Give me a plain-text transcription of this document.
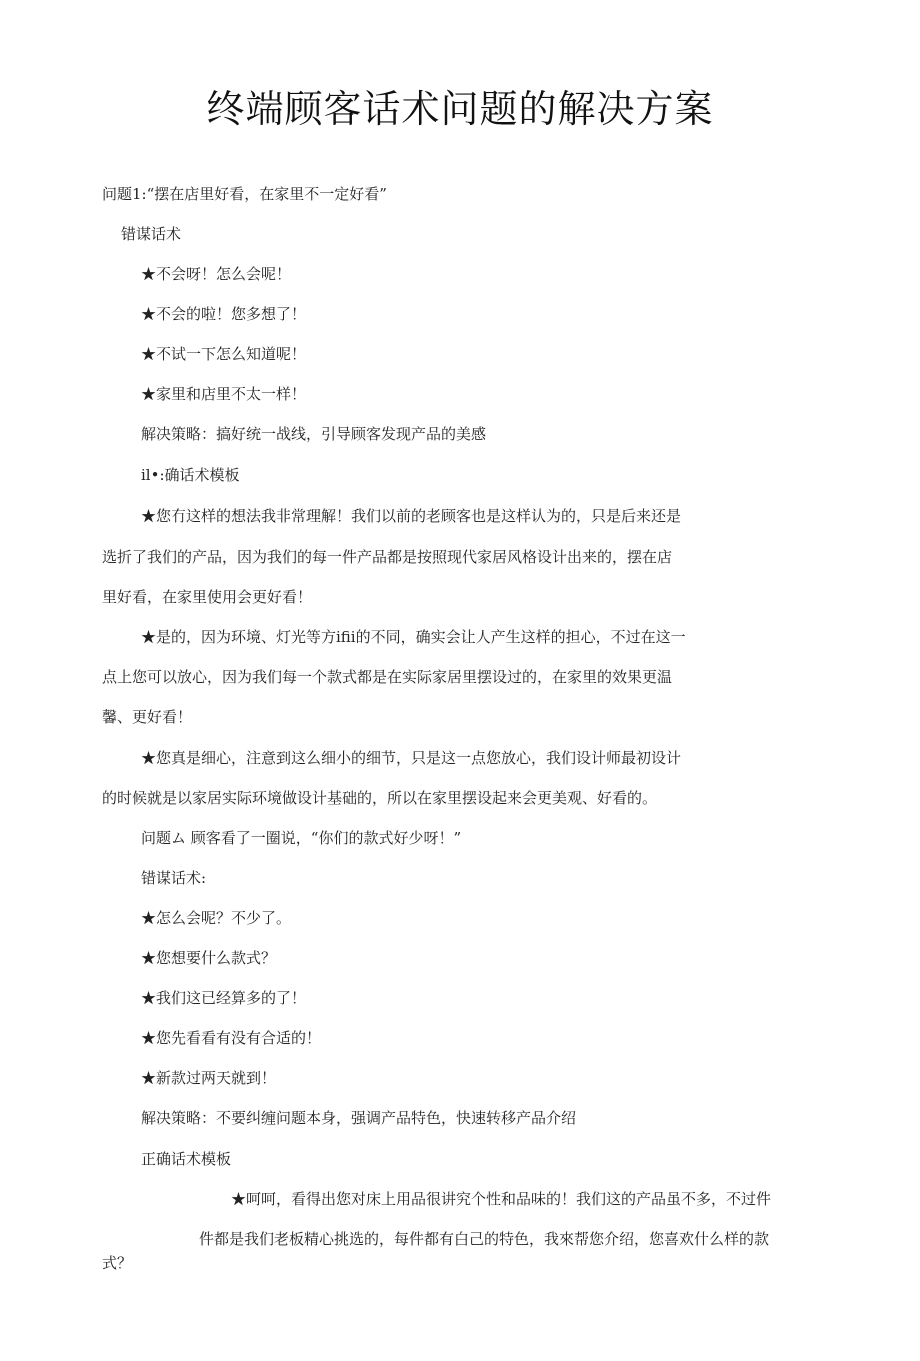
终端顾客话术问题的解决方案
问题1:“摆在店里好看，在家里不一定好看”
错谋话术
★不会呀！怎么会呢！
★不会的啦！您多想了！
★不试一下怎么知道呢！
★家里和店里不太一样！
解决策略：搞好统一战线，引导顾客发现产品的美感
il•:确话术模板
★您冇这样的想法我非常理解！我们以前的老顾客也是这样认为的，只是后来还是
选折了我们的产品，因为我们的每一件产品都是按照现代家居风格设计出来的，摆在店
里好看，在家里使用会更好看！
★是的，因为环境、灯光等方ifii的不同，确实会让人产生这样的担心，不过在这一
点上您可以放心，因为我们每一个款式都是在实际家居里摆设过的，在家里的效果更温
馨、更好看！
★您真是细心，注意到这么细小的细节，只是这一点您放心，我们设计师最初设计
的时候就是以家居实际环境做设计基础的，所以在家里摆设起来会更美观、好看的。
问题ム 顾客看了一圈说，“你们的款式好少呀！”
错谋话术:
★怎么会呢？不少了。
★您想要什么款式？
★我们这已经算多的了！
★您先看看有没有合适的！
★新款过两天就到！
解决策略：不要纠缠问题本身，强调产品特色，快速转移产品介绍
正确话术模板
★呵呵，看得出您对床上用品很讲究个性和品味的！我们这的产品虽不多，不过件
件都是我们老板精心挑选的，每件都有白己的特色，我來帮您介绍，您喜欢什么样的款
式？
